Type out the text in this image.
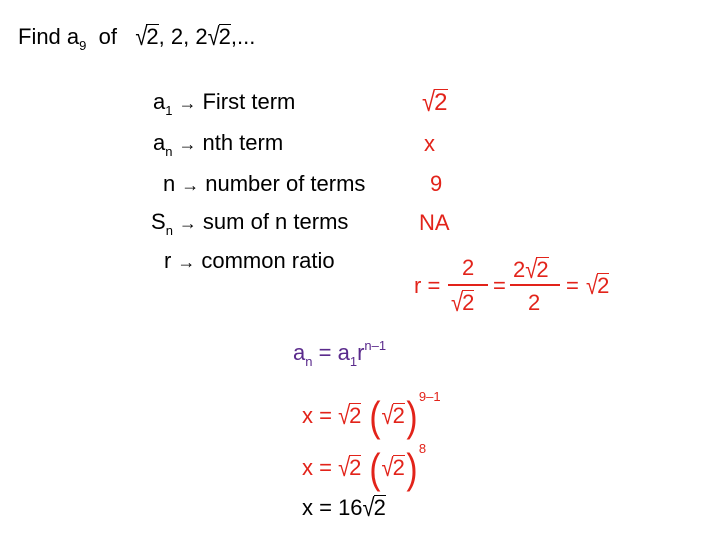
Find $a_9$ of √2, 2, 2√2,...
$a_1$ → First term
$a_n$ → nth term
n → number of terms
$S_n$ → sum of n terms
r → common ratio
√2
x
9
NA
r =
2
√2
=
2√2
2
= √2
$a_n = a_1r^{n-1}$
x = √2 $(√2)^{9-1}$
x = √2 $(√2)^8$
x = 16√2
